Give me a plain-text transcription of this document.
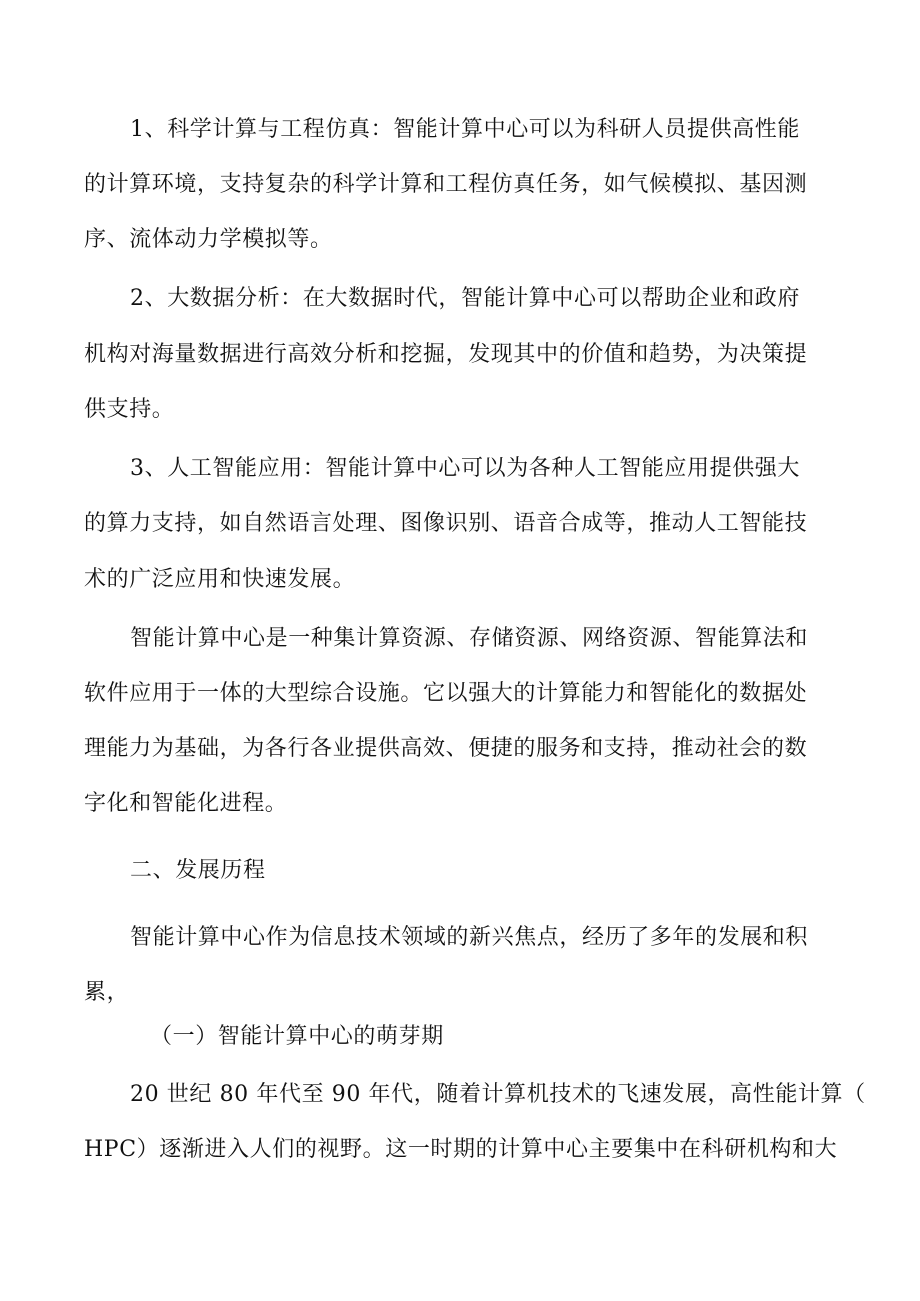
1、科学计算与工程仿真：智能计算中心可以为科研人员提供高性能
的计算环境，支持复杂的科学计算和工程仿真任务，如气候模拟、基因测
序、流体动力学模拟等。
2、大数据分析：在大数据时代，智能计算中心可以帮助企业和政府
机构对海量数据进行高效分析和挖掘，发现其中的价值和趋势，为决策提
供支持。
3、人工智能应用：智能计算中心可以为各种人工智能应用提供强大
的算力支持，如自然语言处理、图像识别、语音合成等，推动人工智能技
术的广泛应用和快速发展。
智能计算中心是一种集计算资源、存储资源、网络资源、智能算法和
软件应用于一体的大型综合设施。它以强大的计算能力和智能化的数据处
理能力为基础，为各行各业提供高效、便捷的服务和支持，推动社会的数
字化和智能化进程。
二、发展历程
智能计算中心作为信息技术领域的新兴焦点，经历了多年的发展和积
累，
（一）智能计算中心的萌芽期
20 世纪 80 年代至 90 年代，随着计算机技术的飞速发展，高性能计算（
HPC）逐渐进入人们的视野。这一时期的计算中心主要集中在科研机构和大
